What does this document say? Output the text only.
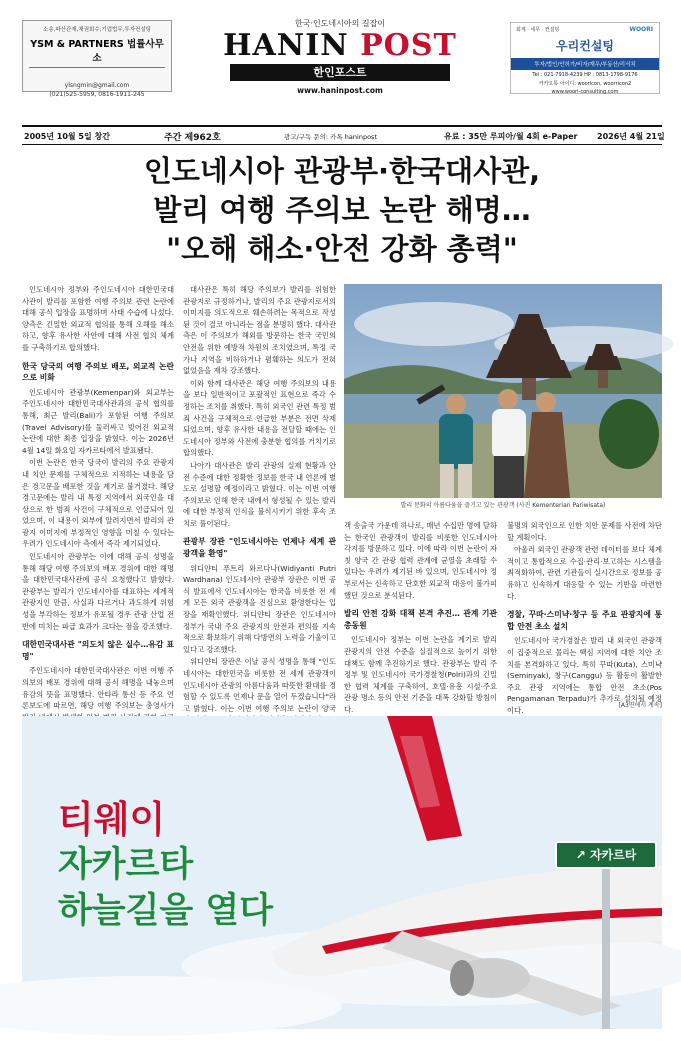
소송,파산관재,채권회수,기업법무,투자컨설팅
YSM & PARTNERS 법률사무소
ylsngmin@gmail.com
(021)525-5959, 0816-1911-245
한국·인도네시아의 길잡이
HANIN POST
한인포스트
www.haninpost.com
회계 · 세무 · 컨설팅	WOORI
우리컨설팅
투자/법인/인허가/비자/재무/부동산/리서치
Tel : 021-7918-4239 HP : 0813-1798-9176
카카오톡 아이디: wooricon, woorricon2
www.woori-consulting.com
2005년 10월 5일 창간	주간 제962호	광고/구독 문의: 카톡 haninpost	유료 : 35만 루피아/월 4회 e-Paper 2026년 4월 21일
인도네시아 관광부·한국대사관,
발리 여행 주의보 논란 해명…
"오해 해소·안전 강화 총력"

인도네시아 정부와 주인도네시아 대한민국대사관이 발리를 포함한 여행 주의보 관련 논란에 대해 공식 입장을 표명하며 사태 수습에 나섰다. 양측은 긴밀한 외교적 협의를 통해 오해를 해소하고, 향후 유사한 사안에 대해 사전 협의 체계를 구축하기로 합의했다.

한국 당국의 여행 주의보 배포, 외교적 논란으로 비화

인도네시아 관광부(Kemenpar)와 외교부는 주인도네시아 대한민국대사관과의 공식 협의를 통해, 최근 발리(Bali)가 포함된 여행 주의보(Travel Advisory)를 둘러싸고 빚어진 외교적 논란에 대한 최종 입장을 밝혔다. 이는 2026년 4월 14일 화요일 자카르타에서 발표됐다.

이번 논란은 한국 당국이 발리의 주요 관광지 내 치안 문제를 구체적으로 지적하는 내용을 담은 경고문을 배포한 것을 계기로 불거졌다. 해당 경고문에는 발리 내 특정 지역에서 외국인을 대상으로 한 범죄 사건이 구체적으로 언급되어 있었으며, 이 내용이 외부에 알려지면서 발리의 관광지 이미지에 부정적인 영향을 미칠 수 있다는 우려가 인도네시아 측에서 즉각 제기되었다.

인도네시아 관광부는 이에 대해 공식 성명을 통해 해당 여행 주의보의 배포 경위에 대한 해명을 대한민국대사관에 공식 요청했다고 밝혔다. 관광부는 발리가 인도네시아를 대표하는 세계적 관광지인 만큼, 사실과 다르거나 과도하게 위험성을 부각하는 정보가 유포될 경우 관광 산업 전반에 미치는 파급 효과가 크다는 점을 강조했다.

대한민국대사관 "의도치 않은 실수…유감 표명"

주인도네시아 대한민국대사관은 이번 여행 주의보의 배포 경위에 대해 공식 해명을 내놓으며 유감의 뜻을 표명했다. 안타라 통신 등 주요 언론보도에 따르면, 해당 여행 주의보는 총영사가

대사관은 특히 해당 주의보가 발리를 위험한 관광지로 규정하거나, 발리의 주요 관광지로서의 이미지를 의도적으로 훼손하려는 목적으로 작성된 것이 결코 아니라는 점을 분명히 했다. 대사관 측은 이 주의보가 해외를 방문하는 한국 국민의 안전을 위한 예방적 차원의 조치였으며, 특정 국가나 지역을 비하하거나 폄훼하는 의도가 전혀 없었음을 재차 강조했다.

이와 함께 대사관은 해당 여행 주의보의 내용을 보다 일반적이고 포괄적인 표현으로 즉각 수정하는 조치를 취했다. 특히 외국인 관련 특정 범죄 사건을 구체적으로 언급한 부분은 전면 삭제되었으며, 향후 유사한 내용을 전달할 때에는 인도네시아 정부와 사전에 충분한 협의를 거치기로 합의했다.

나아가 대사관은 발리 관광의 실제 현황과 안전 수준에 대한 정확한 정보를 한국 내 언론에 별도로 설명할 예정이라고 밝혔다. 이는 이번 여행 주의보로 인해 한국 내에서 형성될 수 있는 발리에 대한 부정적 인식을 불식시키기 위한 후속 조치로 풀이된다.

관광부 장관 "인도네시아는 언제나 세계 관광객을 환영"

위디얀티 푸트리 와르다나(Widiyanti Putri Wardhana) 인도네시아 관광부 장관은 이번 공식 발표에서 인도네시아는 한국을 비롯한 전 세계 모든 외국 관광객을 진심으로 환영한다는 입장을 재확인했다. 위디얀티 장관은 인도네시아 정부가 국내 주요 관광지의 안전과 편의를 지속적으로 확보하기 위해 다방면의 노력을 기울이고 있다고 강조했다.

위디얀티 장관은 이날 공식 성명을 통해 "인도네시아는 대한민국을 비롯한 전 세계 관광객이 인도네시아 관광의 아름다움과 따뜻한 환대를 경험할 수 있도록 언제나 문을 열어 두겠습니다"라고 밝혔다. 이는 이번 여행 주의보 논란이 양국

발리 문화의 아름다움을 즐기고 있는 관광객 (사진 Kementerian Pariwisata)

객 송출국 가운데 하나로, 매년 수십만 명에 달하는 한국인 관광객이 발리를 비롯한 인도네시아 각지를 방문하고 있다. 이에 따라 이번 논란이 자칫 양국 간 관광 협력 관계에 균열을 초래할 수 있다는 우려가 제기된 바 있으며, 인도네시아 정부로서는 신속하고 단호한 외교적 대응이 불가피했던 것으로 분석된다.

발리 안전 강화 대책 본격 추진… 관계 기관 총동원

인도네시아 정부는 이번 논란을 계기로 발리 관광지의 안전 수준을 실질적으로 높이기 위한 대책도 함께 추진하기로 했다. 관광부는 발리 주 정부 및 인도네시아 국가경찰청(Polri)과의 긴밀한 협력 체계를 구축하여, 호텔·유흥 시설·주요 관광 명소 등의 안전 기준을 대폭 강화할 방침이다.

불명의 외국인으로 인한 치안 문제를 사전에 차단할 계획이다.

아울러 외국인 관광객 관련 데이터를 보다 체계적이고 통합적으로 수집·관리·보고하는 시스템을 최적화하여, 관련 기관들이 실시간으로 정보를 공유하고 신속하게 대응할 수 있는 기반을 마련한다.

경찰, 꾸따·스미냑·창구 등 주요 관광지에 통합 안전 초소 설치

인도네시아 국가경찰은 발리 내 외국인 관광객이 집중적으로 몰리는 핵심 지역에 대한 치안 조치를 본격화하고 있다. 특히 꾸따(Kuta), 스미냑(Seminyak), 창구(Canggu) 등 활동이 활발한 주요 관광 지역에는 통합 안전 초소(Pos Pengamanan Terpadu)가 추가로 설치될 예정이다.

[A3면에서 계속]
티웨이
자카르타
하늘길을 열다
↗ 자카르타
